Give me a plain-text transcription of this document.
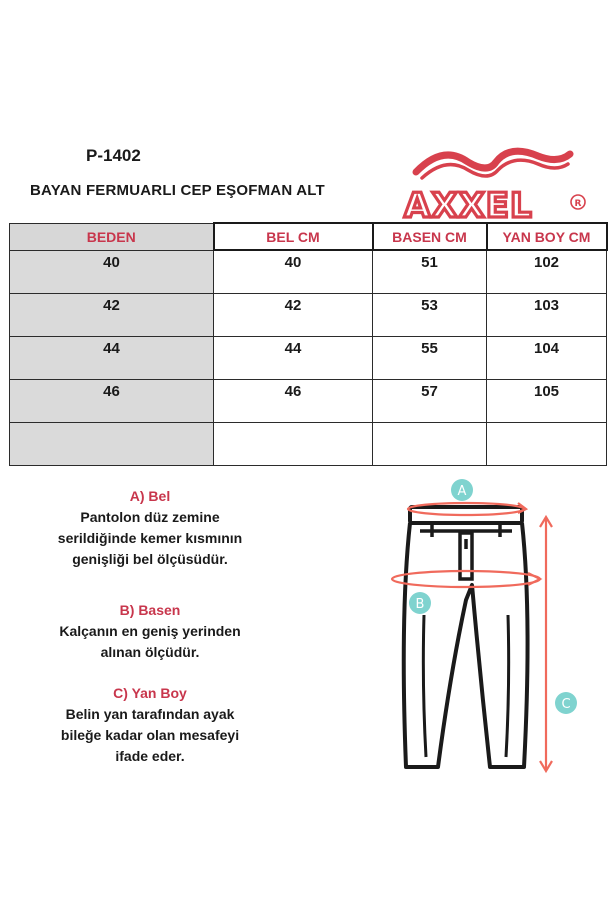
P-1402
BAYAN FERMUARLI CEP EŞOFMAN ALT AXXEL	R
BEDEN	BEL CM	BASEN CM	YAN BOY CM
40	40	51	102
42	42	53	103
44	44	55	104
46	46	57	105

A) Bel
Pantolon düz zemine
serildiğinde kemer kısmının
genişliği bel ölçüsüdür.
B) Basen
Kalçanın en geniş yerinden
alınan ölçüdür.
C) Yan Boy
Belin yan tarafından ayak
bileğe kadar olan mesafeyi
ifade eder.
A
B
C
